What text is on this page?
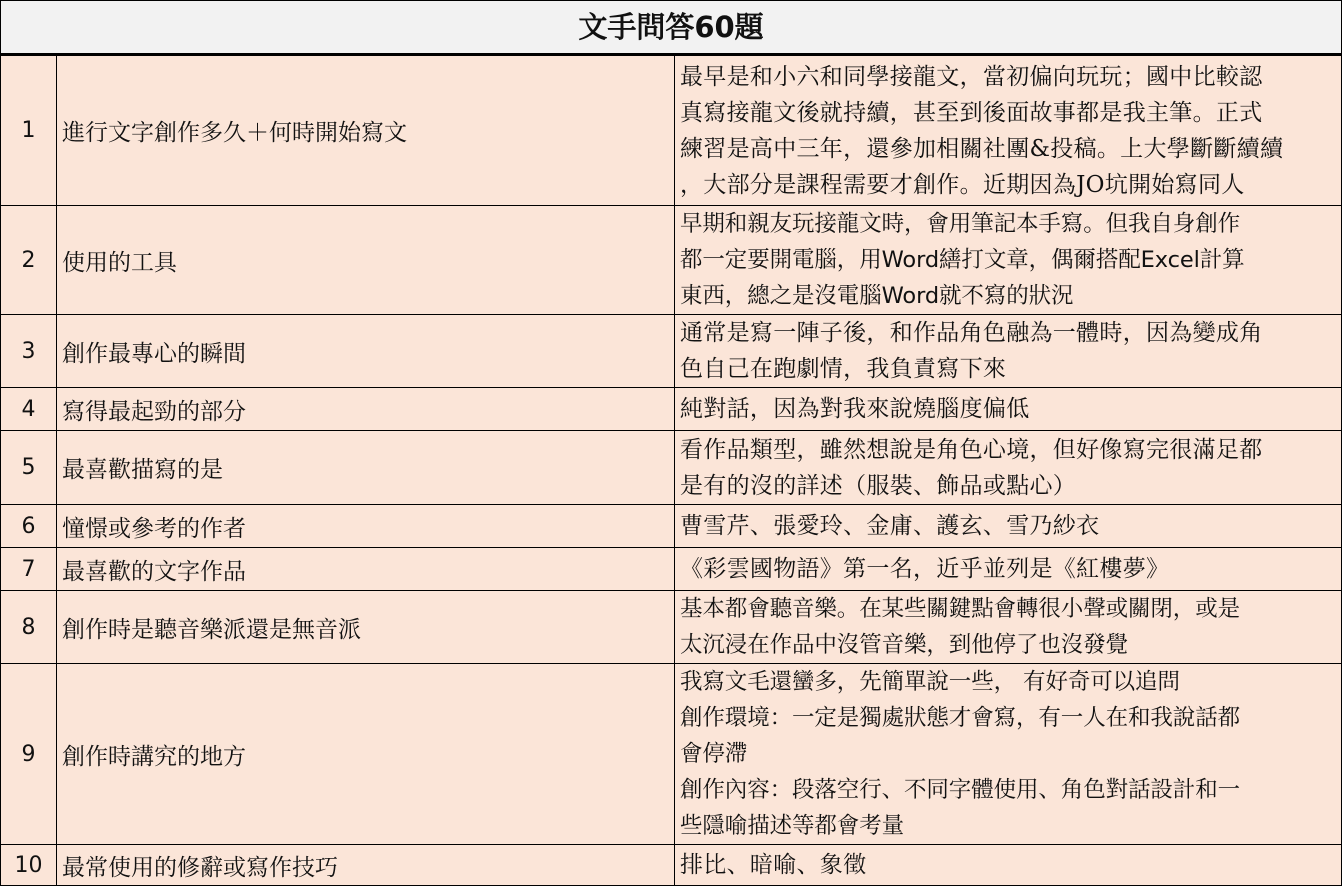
文手問答60題
1	進行文字創作多久＋何時開始寫文	最早是和小六和同學接龍文，當初偏向玩玩；國中比較認
真寫接龍文後就持續，甚至到後面故事都是我主筆。正式
練習是高中三年，還參加相關社團&投稿。上大學斷斷續續
，大部分是課程需要才創作。近期因為JO坑開始寫同人

2	使用的工具	早期和親友玩接龍文時，會用筆記本手寫。但我自身創作
都一定要開電腦，用Word繕打文章，偶爾搭配Excel計算
東西，總之是沒電腦Word就不寫的狀況

3	創作最專心的瞬間	通常是寫一陣子後，和作品角色融為一體時，因為變成角
色自己在跑劇情，我負責寫下來

4	寫得最起勁的部分	純對話，因為對我來說燒腦度偏低

5	最喜歡描寫的是	看作品類型，雖然想說是角色心境，但好像寫完很滿足都
是有的沒的詳述（服裝、飾品或點心）

6	憧憬或參考的作者	曹雪芹、張愛玲、金庸、護玄、雪乃紗衣

7	最喜歡的文字作品	《彩雲國物語》第一名，近乎並列是《紅樓夢》

8	創作時是聽音樂派還是無音派	基本都會聽音樂。在某些關鍵點會轉很小聲或關閉，或是
太沉浸在作品中沒管音樂，到他停了也沒發覺

9	創作時講究的地方	我寫文毛還蠻多，先簡單說一些， 有好奇可以追問
創作環境：一定是獨處狀態才會寫，有一人在和我說話都
會停滯
創作內容：段落空行、不同字體使用、角色對話設計和一
些隱喻描述等都會考量

10	最常使用的修辭或寫作技巧	排比、暗喻、象徵
